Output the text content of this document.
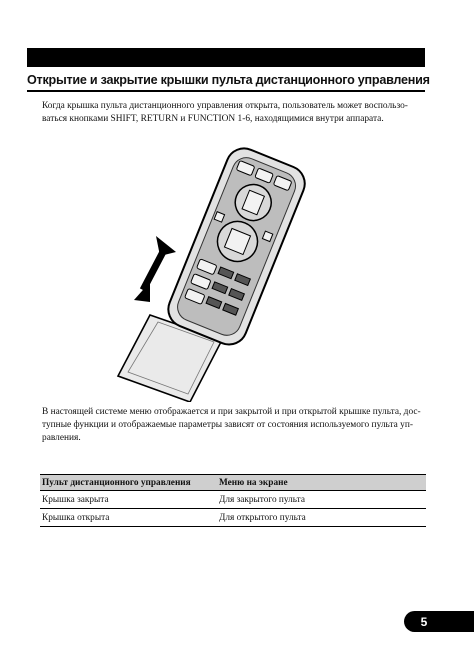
Открытие и закрытие крышки пульта дистанционного управления
Когда крышка пульта дистанционного управления открыта, пользователь может воспользо-
ваться кнопками SHIFT, RETURN и FUNCTION 1-6, находящимися внутри аппарата.
В настоящей системе меню отображается и при закрытой и при открытой крышке пульта, дос-
тупные функции и отображаемые параметры зависят от состояния используемого пульта уп-
равления.
Пульт дистанционного управления	Меню на экране
Крышка закрыта	Для закрытого пульта
Крышка открыта	Для открытого пульта
5
